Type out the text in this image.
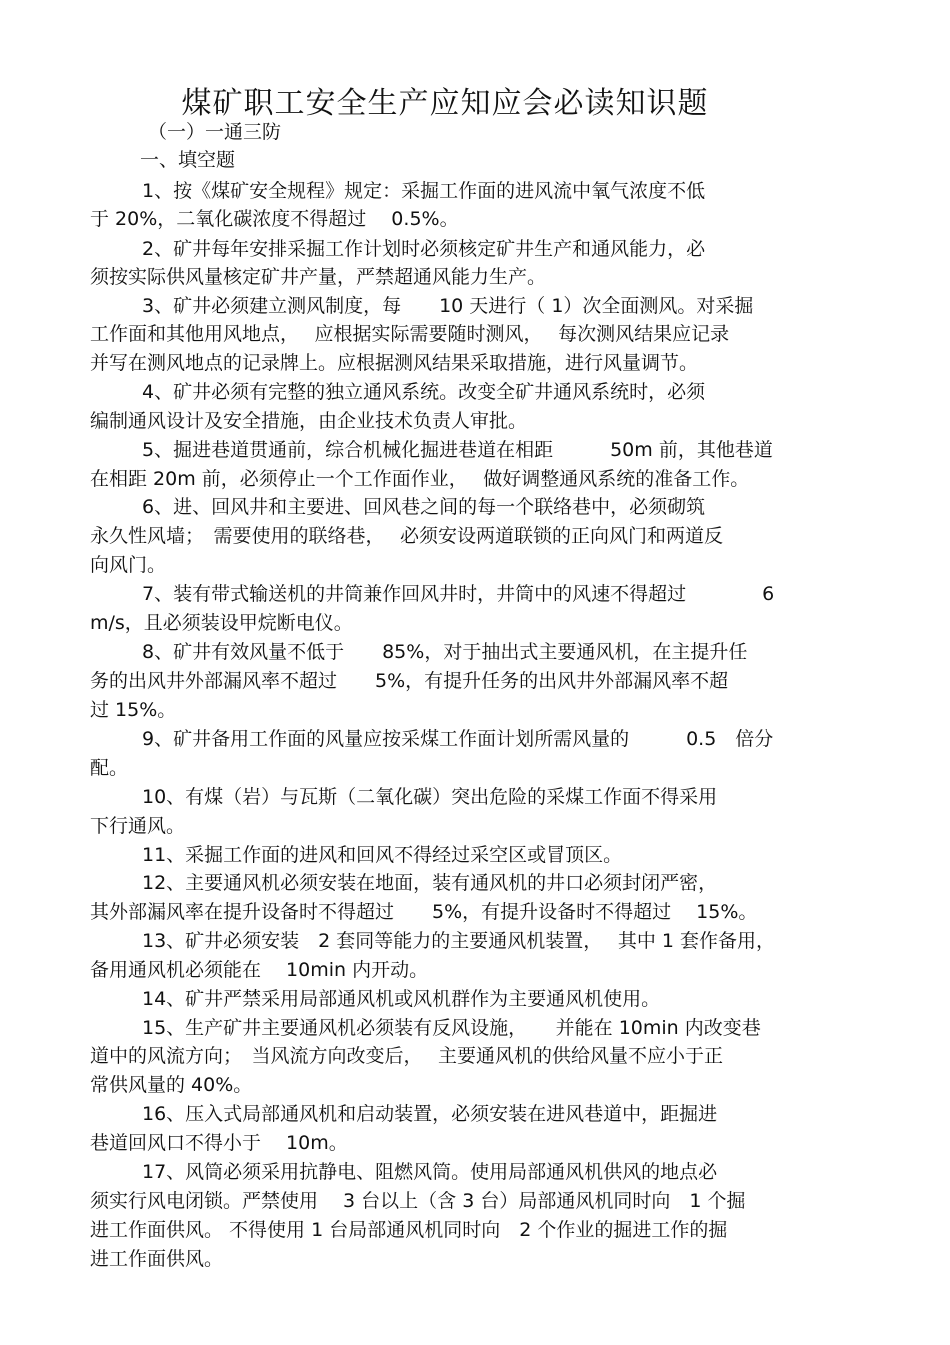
煤矿职工安全生产应知应会必读知识题
（一）一通三防
一、填空题
1、按《煤矿安全规程》规定：采掘工作面的进风流中氧气浓度不低
于 20%，二氧化碳浓度不得超过　 0.5%。
2、矿井每年安排采掘工作计划时必须核定矿井生产和通风能力，必
须按实际供风量核定矿井产量，严禁超通风能力生产。
3、矿井必须建立测风制度，每　　10 天进行（ 1）次全面测风。对采掘
工作面和其他用风地点，　 应根据实际需要随时测风，　 每次测风结果应记录
并写在测风地点的记录牌上。应根据测风结果采取措施，进行风量调节。
4、矿井必须有完整的独立通风系统。改变全矿井通风系统时，必须
编制通风设计及安全措施，由企业技术负责人审批。
5、掘进巷道贯通前，综合机械化掘进巷道在相距　　　50m 前，其他巷道
在相距 20m 前，必须停止一个工作面作业，　 做好调整通风系统的准备工作。
6、进、回风井和主要进、回风巷之间的每一个联络巷中，必须砌筑
永久性风墙；　需要使用的联络巷，　 必须安设两道联锁的正向风门和两道反
向风门。
7、装有带式输送机的井筒兼作回风井时，井筒中的风速不得超过　　　　6
m/s，且必须装设甲烷断电仪。
8、矿井有效风量不低于　　85%，对于抽出式主要通风机，在主提升任
务的出风井外部漏风率不超过　　5%，有提升任务的出风井外部漏风率不超
过 15%。
9、矿井备用工作面的风量应按采煤工作面计划所需风量的　　　0.5　倍分
配。
10、有煤（岩）与瓦斯（二氧化碳）突出危险的采煤工作面不得采用
下行通风。
11、采掘工作面的进风和回风不得经过采空区或冒顶区。
12、主要通风机必须安装在地面，装有通风机的井口必须封闭严密，
其外部漏风率在提升设备时不得超过　　5%，有提升设备时不得超过　 15%。
13、矿井必须安装　2 套同等能力的主要通风机装置，　 其中 1 套作备用，
备用通风机必须能在　 10min 内开动。
14、矿井严禁采用局部通风机或风机群作为主要通风机使用。
15、生产矿井主要通风机必须装有反风设施，　　并能在 10min 内改变巷
道中的风流方向；　当风流方向改变后，　 主要通风机的供给风量不应小于正
常供风量的 40%。
16、压入式局部通风机和启动装置，必须安装在进风巷道中，距掘进
巷道回风口不得小于　 10m。
17、风筒必须采用抗静电、阻燃风筒。使用局部通风机供风的地点必
须实行风电闭锁。严禁使用　 3 台以上（含 3 台）局部通风机同时向　1 个掘
进工作面供风。 不得使用 1 台局部通风机同时向　2 个作业的掘进工作的掘
进工作面供风。
